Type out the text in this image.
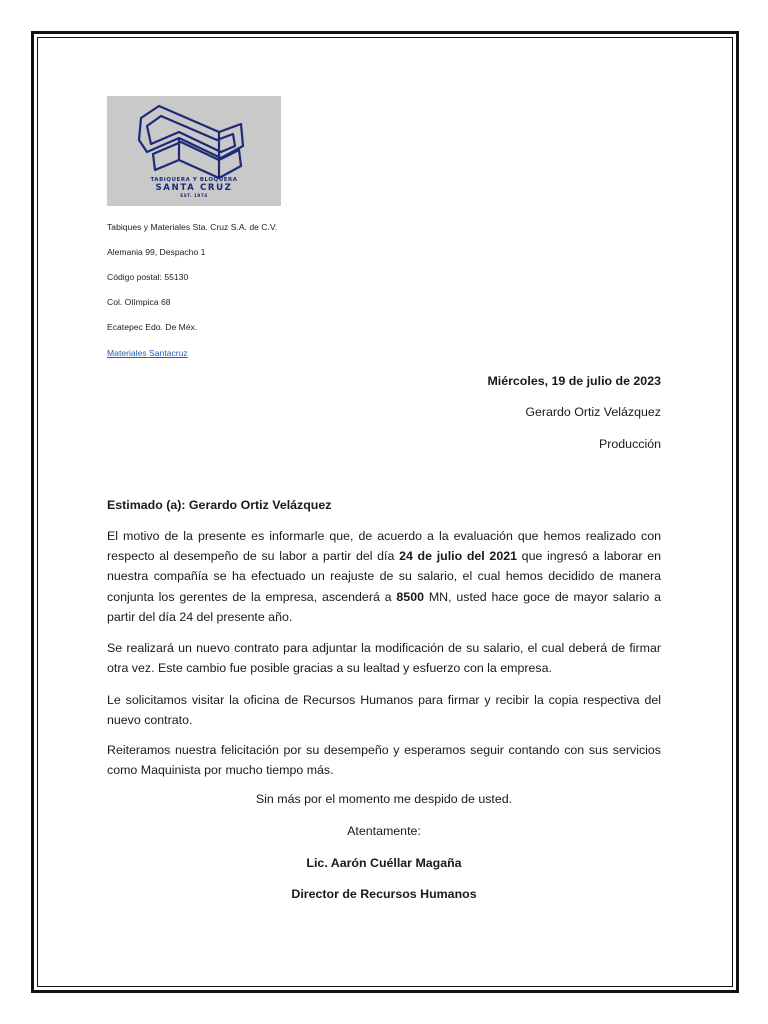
TABIQUERA Y BLOQUERA
SANTA CRUZ
EST. 1974
Tabiques y Materiales Sta. Cruz S.A. de C.V.
Alemania 99, Despacho 1
Código postal: 55130
Col. Olímpica 68
Ecatepec Edo. De Méx.
Materiales Santacruz
Miércoles, 19 de julio de 2023
Gerardo Ortiz Velázquez
Producción
Estimado (a): Gerardo Ortiz Velázquez

El motivo de la presente es informarle que, de acuerdo a la evaluación que hemos realizado con respecto al desempeño de su labor a partir del día 24 de julio del 2021 que ingresó a laborar en nuestra compañía se ha efectuado un reajuste de su salario, el cual hemos decidido de manera conjunta los gerentes de la empresa, ascenderá a 8500 MN, usted hace goce de mayor salario a partir del día 24 del presente año.

Se realizará un nuevo contrato para adjuntar la modificación de su salario, el cual deberá de firmar otra vez. Este cambio fue posible gracias a su lealtad y esfuerzo con la empresa.

Le solicitamos visitar la oficina de Recursos Humanos para firmar y recibir la copia respectiva del nuevo contrato.

Reiteramos nuestra felicitación por su desempeño y esperamos seguir contando con sus servicios como Maquinista por mucho tiempo más.

Sin más por el momento me despido de usted.
Atentamente:
Lic. Aarón Cuéllar Magaña
Director de Recursos Humanos
